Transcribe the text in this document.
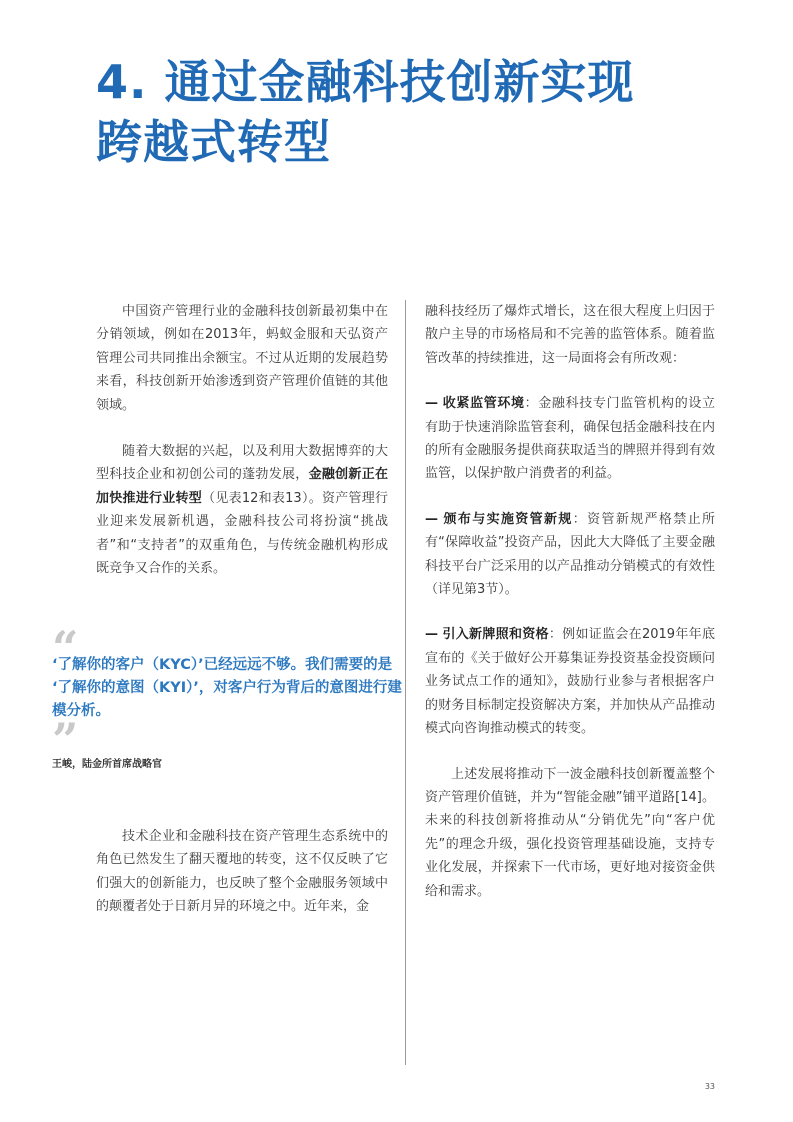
4. 通过金融科技创新实现
跨越式转型

中国资产管理行业的金融科技创新最初集中在分销领域，例如在2013年，蚂蚁金服和天弘资产管理公司共同推出余额宝。不过从近期的发展趋势来看，科技创新开始渗透到资产管理价值链的其他领域。

随着大数据的兴起，以及利用大数据博弈的大型科技企业和初创公司的蓬勃发展，金融创新正在加快推进行业转型（见表12和表13）。资产管理行业迎来发展新机遇，金融科技公司将扮演“挑战者”和“支持者”的双重角色，与传统金融机构形成既竞争又合作的关系。

“
‘了解你的客户（KYC）’已经远远不够。我们需要的是
‘了解你的意图（KYI）’，对客户行为背后的意图进行建
模分析。
”
王峻，陆金所首席战略官

技术企业和金融科技在资产管理生态系统中的角色已然发生了翻天覆地的转变，这不仅反映了它们强大的创新能力，也反映了整个金融服务领域中的颠覆者处于日新月异的环境之中。近年来，金

融科技经历了爆炸式增长，这在很大程度上归因于散户主导的市场格局和不完善的监管体系。随着监管改革的持续推进，这一局面将会有所改观：

— 收紧监管环境：金融科技专门监管机构的设立有助于快速消除监管套利，确保包括金融科技在内的所有金融服务提供商获取适当的牌照并得到有效监管，以保护散户消费者的利益。

— 颁布与实施资管新规：资管新规严格禁止所有“保障收益”投资产品，因此大大降低了主要金融科技平台广泛采用的以产品推动分销模式的有效性（详见第3节）。

— 引入新牌照和资格：例如证监会在2019年年底宣布的《关于做好公开募集证券投资基金投资顾问业务试点工作的通知》，鼓励行业参与者根据客户的财务目标制定投资解决方案，并加快从产品推动模式向咨询推动模式的转变。

上述发展将推动下一波金融科技创新覆盖整个资产管理价值链，并为“智能金融”铺平道路[14]。未来的科技创新将推动从“分销优先”向“客户优先”的理念升级，强化投资管理基础设施，支持专业化发展，并探索下一代市场，更好地对接资金供给和需求。

33
